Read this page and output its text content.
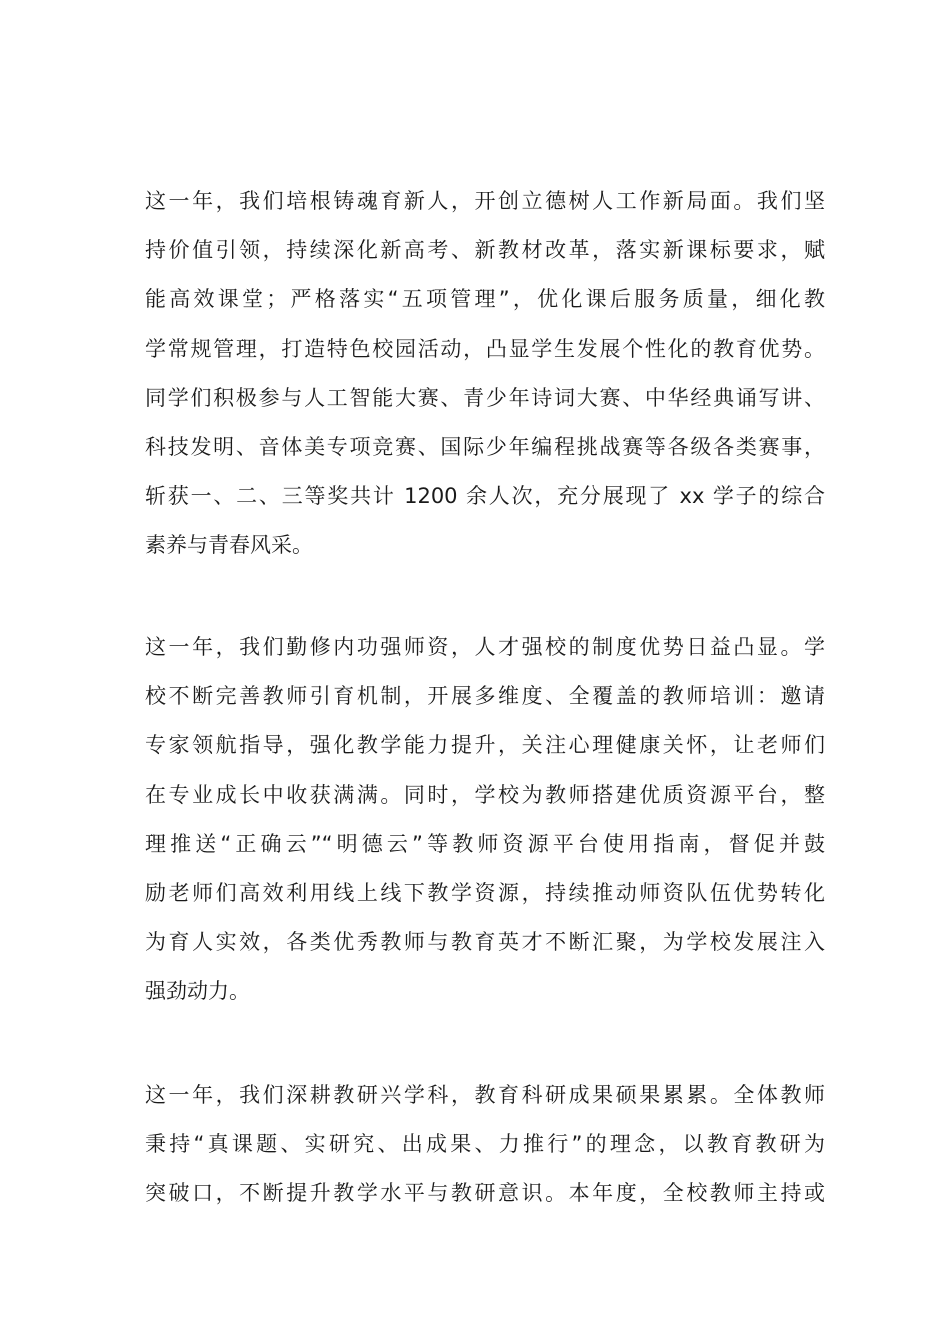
这一年，我们培根铸魂育新人，开创立德树人工作新局面。我们坚
持价值引领，持续深化新高考、新教材改革，落实新课标要求，赋
能高效课堂；严格落实“五项管理”，优化课后服务质量，细化教
学常规管理，打造特色校园活动，凸显学生发展个性化的教育优势。
同学们积极参与人工智能大赛、青少年诗词大赛、中华经典诵写讲、
科技发明、音体美专项竞赛、国际少年编程挑战赛等各级各类赛事，
斩获一、二、三等奖共计 1200 余人次，充分展现了 xx 学子的综合
素养与青春风采。
这一年，我们勤修内功强师资，人才强校的制度优势日益凸显。学
校不断完善教师引育机制，开展多维度、全覆盖的教师培训：邀请
专家领航指导，强化教学能力提升，关注心理健康关怀，让老师们
在专业成长中收获满满。同时，学校为教师搭建优质资源平台，整
理推送“正确云”“明德云”等教师资源平台使用指南，督促并鼓
励老师们高效利用线上线下教学资源，持续推动师资队伍优势转化
为育人实效，各类优秀教师与教育英才不断汇聚，为学校发展注入
强劲动力。
这一年，我们深耕教研兴学科，教育科研成果硕果累累。全体教师
秉持“真课题、实研究、出成果、力推行”的理念，以教育教研为
突破口，不断提升教学水平与教研意识。本年度，全校教师主持或
